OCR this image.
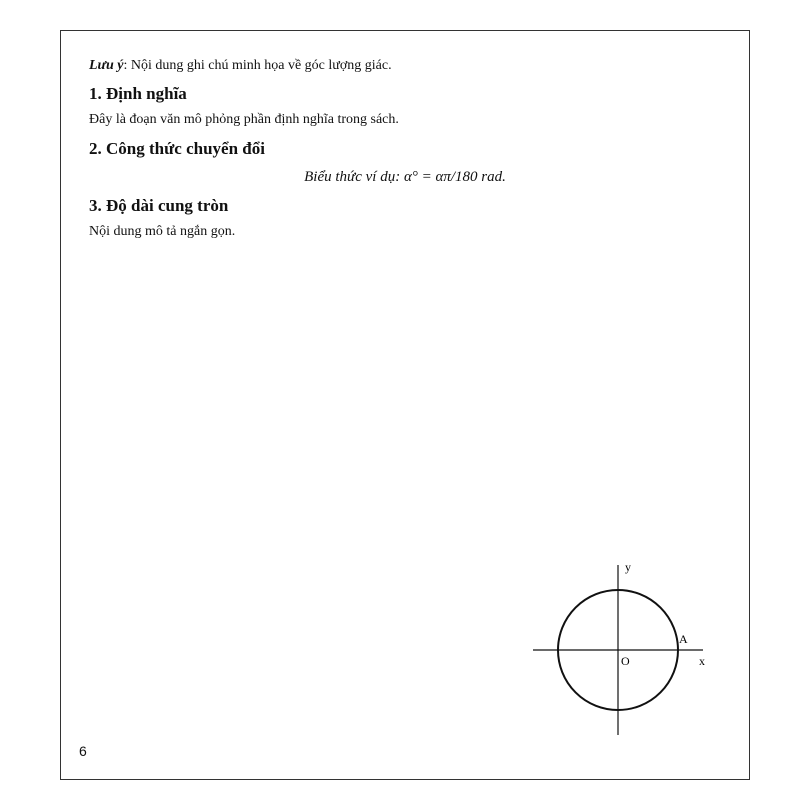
Lưu ý: Nội dung ghi chú minh họa về góc lượng giác.
1. Định nghĩa
Đây là đoạn văn mô phỏng phần định nghĩa trong sách.
2. Công thức chuyển đổi
Biểu thức ví dụ: α° = απ/180 rad.
3. Độ dài cung tròn
Nội dung mô tả ngắn gọn.
O	x
y
A
6
